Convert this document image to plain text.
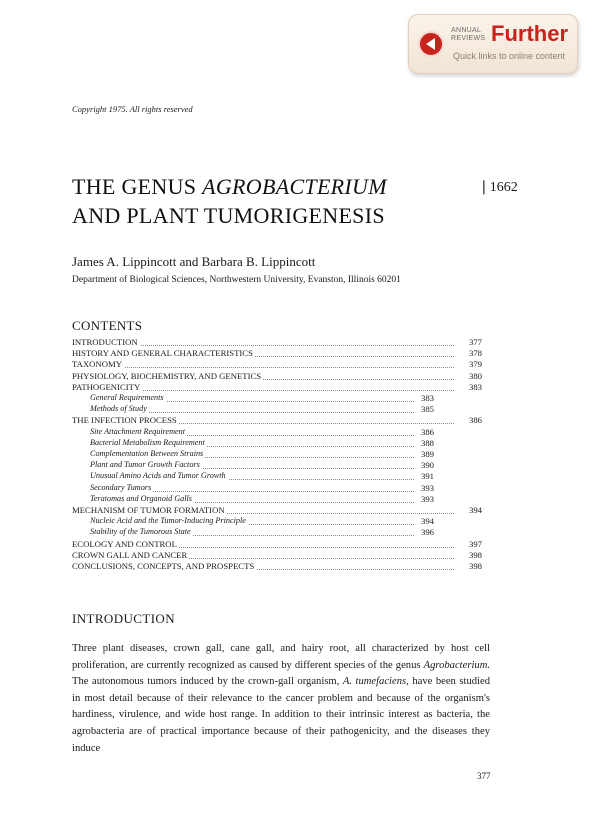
ANNUAL
REVIEWS Further
Quick links to online content
Copyright 1975. All rights reserved
THE GENUS AGROBACTERIUM
AND PLANT TUMORIGENESIS
❘1662
James A. Lippincott and Barbara B. Lippincott
Department of Biological Sciences, Northwestern University, Evanston, Illinois 60201
CONTENTS
INTRODUCTION	377
HISTORY AND GENERAL CHARACTERISTICS	378
TAXONOMY	379
PHYSIOLOGY, BIOCHEMISTRY, AND GENETICS	380
PATHOGENICITY	383
General Requirements	383
Methods of Study	385
THE INFECTION PROCESS	386
Site Attachment Requirement	386
Bacterial Metabolism Requirement	388
Complementation Between Strains	389
Plant and Tumor Growth Factors	390
Unusual Amino Acids and Tumor Growth	391
Secondary Tumors	393
Teratomas and Organoid Galls	393
MECHANISM OF TUMOR FORMATION	394
Nucleic Acid and the Tumor-Inducing Principle	394
Stability of the Tumorous State	396
ECOLOGY AND CONTROL	397
CROWN GALL AND CANCER	398
CONCLUSIONS, CONCEPTS, AND PROSPECTS	398
INTRODUCTION
Three plant diseases, crown gall, cane gall, and hairy root, all characterized by host cell proliferation, are currently recognized as caused by different species of the genus Agrobacterium. The autonomous tumors induced by the crown-gall organism, A. tumefaciens, have been studied in most detail because of their relevance to the cancer problem and because of the organism's hardiness, virulence, and wide host range. In addition to their intrinsic interest as bacteria, the agrobacteria are of practical importance because of their pathogenicity, and the diseases they induce
377
